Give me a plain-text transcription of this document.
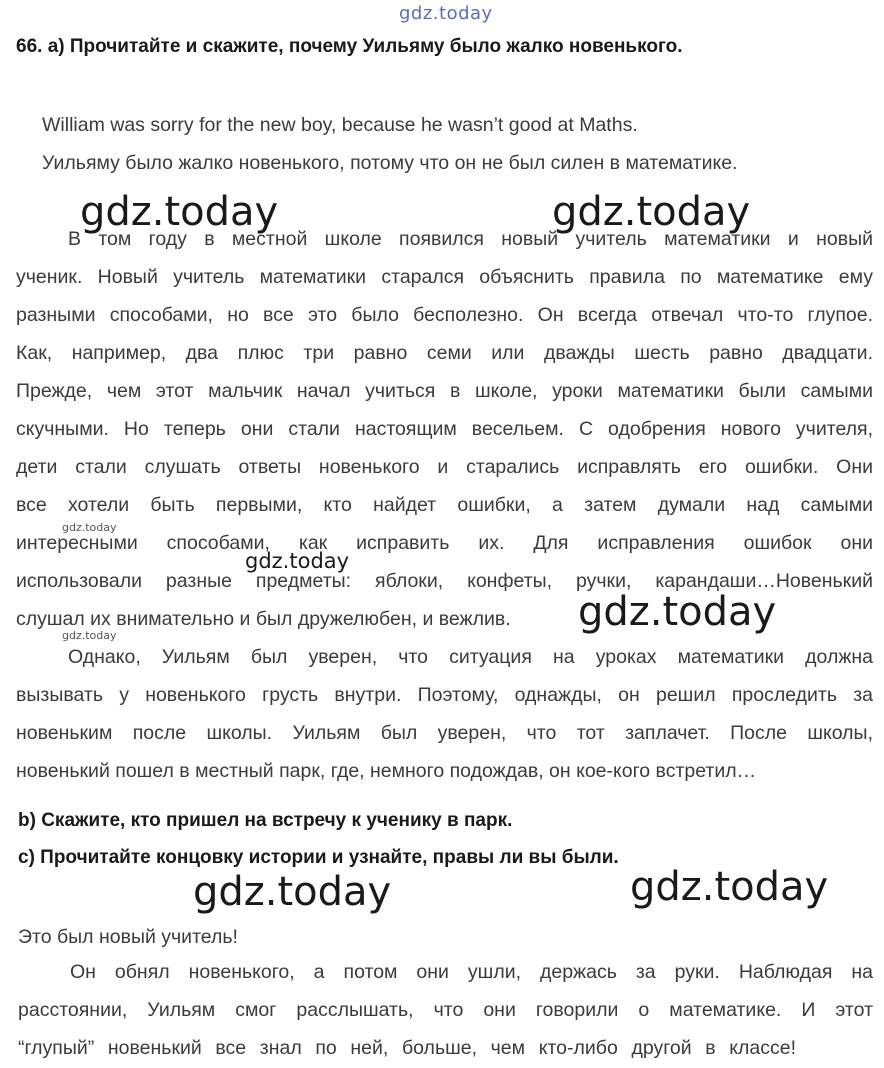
gdz.today
66. a) Прочитайте и скажите, почему Уильяму было жалко новенького.
William was sorry for the new boy, because he wasn’t good at Maths.
Уильяму было жалко новенького, потому что он не был силен в математике.
gdz.today	gdz.today
В том году в местной школе появился новый учитель математики и новый
ученик. Новый учитель математики старался объяснить правила по математике ему
разными способами, но все это было бесполезно. Он всегда отвечал что-то глупое.
Как, например, два плюс три равно семи или дважды шесть равно двадцати.
Прежде, чем этот мальчик начал учиться в школе, уроки математики были самыми
скучными. Но теперь они стали настоящим весельем. С одобрения нового учителя,
дети стали слушать ответы новенького и старались исправлять его ошибки. Они
все хотели быть первыми, кто найдет ошибки, а затем думали над самыми
gdz.today
интересными способами, как исправить их. Для исправления ошибок они
gdz.today
использовали разные предметы: яблоки, конфеты, ручки, карандаши…Новенький
слушал их внимательно и был дружелюбен, и вежлив. gdz.today
gdz.today
Однако, Уильям был уверен, что ситуация на уроках математики должна
вызывать у новенького грусть внутри. Поэтому, однажды, он решил проследить за
новеньким после школы. Уильям был уверен, что тот заплачет. После школы,
новенький пошел в местный парк, где, немного подождав, он кое-кого встретил…
b) Скажите, кто пришел на встречу к ученику в парк.
c) Прочитайте концовку истории и узнайте, правы ли вы были.
gdz.today	gdz.today
Это был новый учитель!
Он обнял новенького, а потом они ушли, держась за руки. Наблюдая на
расстоянии, Уильям смог расслышать, что они говорили о математике. И этот
“глупый” новенький все знал по ней, больше, чем кто-либо другой в классе!
